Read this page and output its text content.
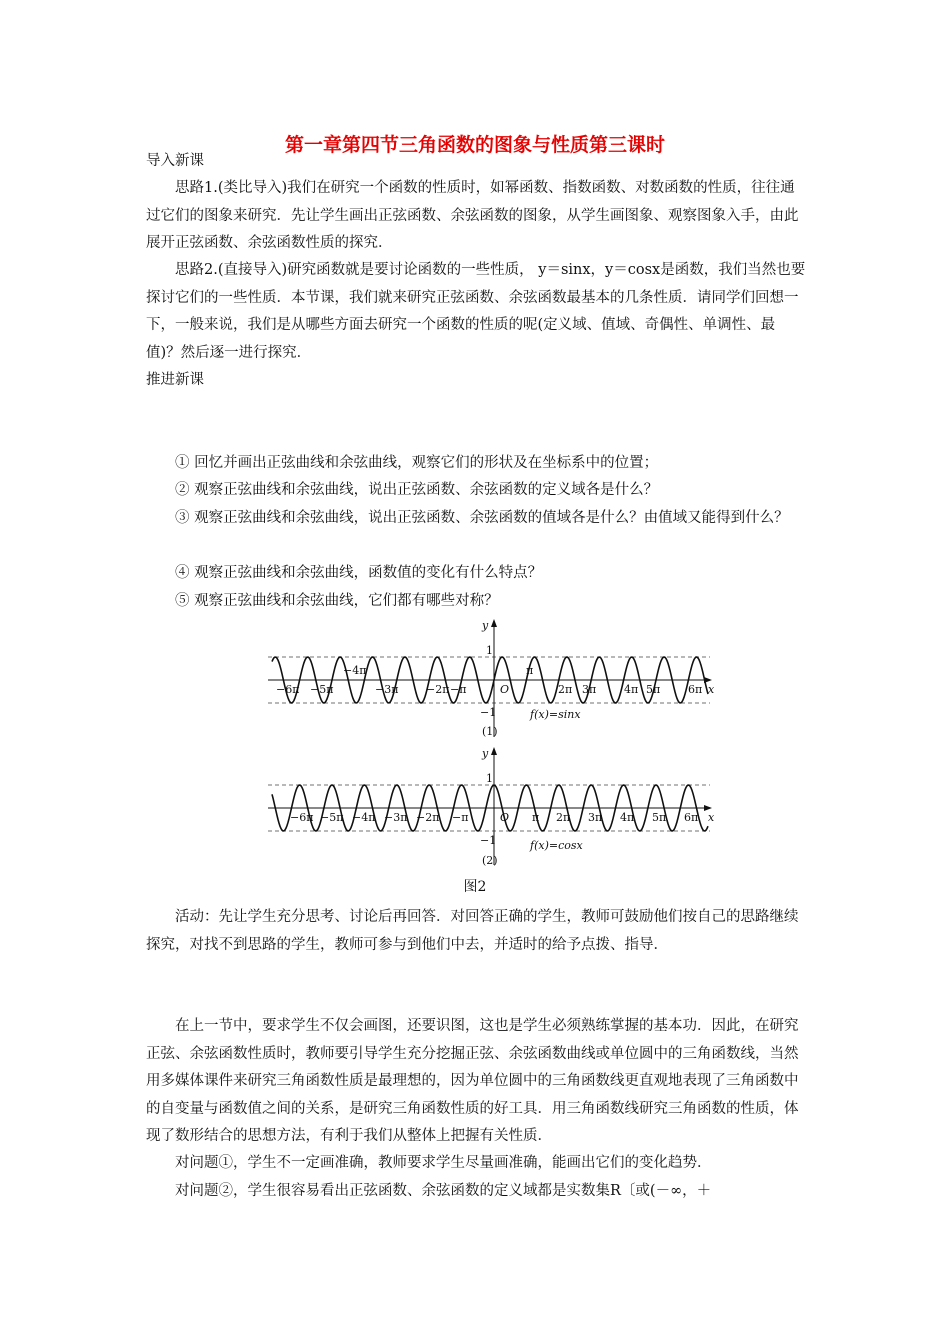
第一章第四节三角函数的图象与性质第三课时
导入新课
思路1.(类比导入)我们在研究一个函数的性质时，如幂函数、指数函数、对数函数的性质，往往通过它们的图象来研究．先让学生画出正弦函数、余弦函数的图象，从学生画图象、观察图象入手，由此展开正弦函数、余弦函数性质的探究．
思路2.(直接导入)研究函数就是要讨论函数的一些性质， y＝sinx，y＝cosx是函数，我们当然也要探讨它们的一些性质．本节课，我们就来研究正弦函数、余弦函数最基本的几条性质．请同学们回想一下，一般来说，我们是从哪些方面去研究一个函数的性质的呢(定义域、值域、奇偶性、单调性、最值)？然后逐一进行探究．
推进新课
① 回忆并画出正弦曲线和余弦曲线，观察它们的形状及在坐标系中的位置；
② 观察正弦曲线和余弦曲线，说出正弦函数、余弦函数的定义域各是什么？
③ 观察正弦曲线和余弦曲线，说出正弦函数、余弦函数的值域各是什么？由值域又能得到什么？
④ 观察正弦曲线和余弦曲线，函数值的变化有什么特点？
⑤ 观察正弦曲线和余弦曲线，它们都有哪些对称？
y
1
−1
O	x
−6π −5π
−4π
−3π	−2π −π
π
2π 3π	4π 5π	6π
f(x)=sinx
(1)
y
1
−1
O	x
−6π −5π −4π −3π −2π −π	π 2π 3π 4π 5π 6π
f(x)=cosx
(2)
图2
活动：先让学生充分思考、讨论后再回答．对回答正确的学生，教师可鼓励他们按自己的思路继续探究，对找不到思路的学生，教师可参与到他们中去，并适时的给予点拨、指导．
在上一节中，要求学生不仅会画图，还要识图，这也是学生必须熟练掌握的基本功．因此，在研究正弦、余弦函数性质时，教师要引导学生充分挖掘正弦、余弦函数曲线或单位圆中的三角函数线，当然用多媒体课件来研究三角函数性质是最理想的，因为单位圆中的三角函数线更直观地表现了三角函数中的自变量与函数值之间的关系，是研究三角函数性质的好工具．用三角函数线研究三角函数的性质，体现了数形结合的思想方法，有利于我们从整体上把握有关性质．
对问题①，学生不一定画准确，教师要求学生尽量画准确，能画出它们的变化趋势．
对问题②，学生很容易看出正弦函数、余弦函数的定义域都是实数集R〔或(－∞，＋
